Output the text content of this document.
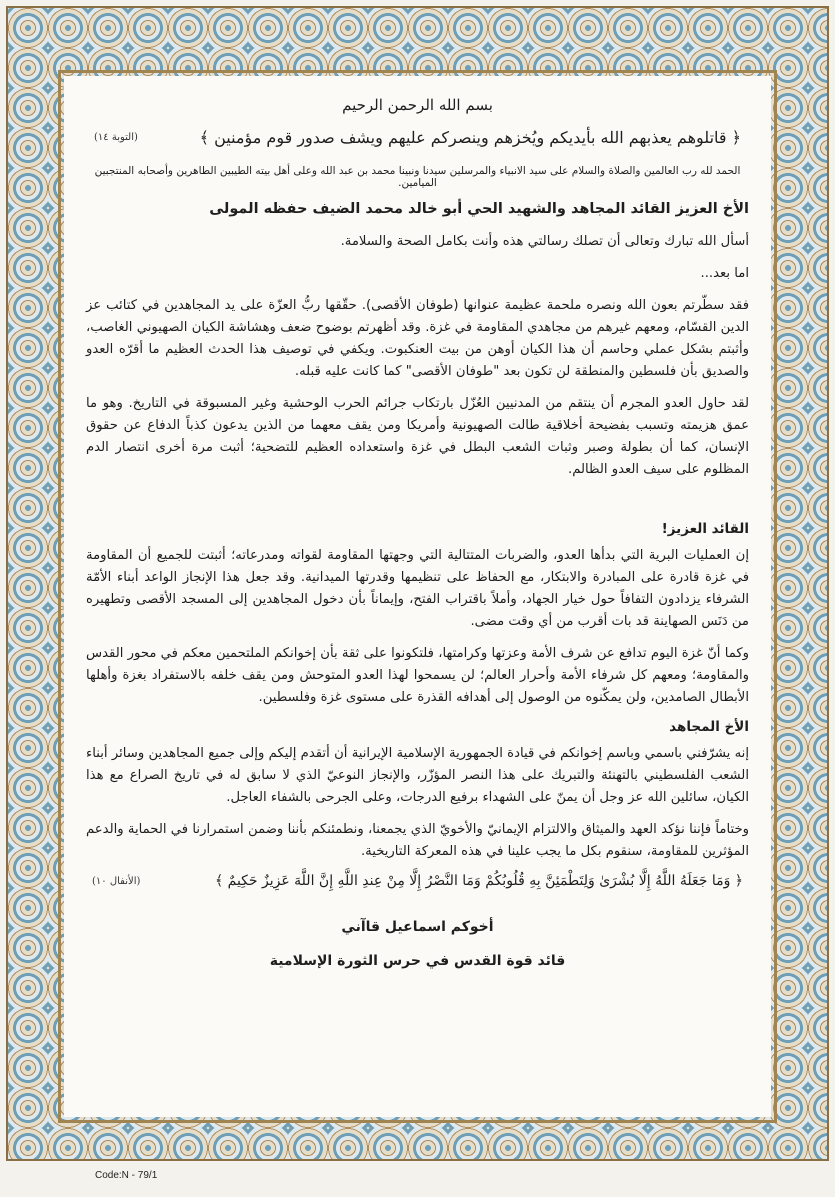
بسم الله الرحمن الرحيم
﴿ قاتلوهم يعذبهم الله بأيديكم ويُخزهم وينصركم عليهم ويشف صدور قوم مؤمنين ﴾
(التوبة ١٤)
الحمد لله رب العالمين والصلاة والسلام على سيد الانبياء والمرسلين سيدنا ونبينا محمد بن عبد الله وعلى أهل بيته الطيبين الطاهرين وأصحابه المنتجبين الميامين.
الأخ العزيز القائد المجاهد والشهيد الحي أبو خالد محمد الضيف حفظه المولى

أسأل الله تبارك وتعالى أن تصلك رسالتي هذه وأنت بكامل الصحة والسلامة.

اما بعد...

فقد سطّرتم بعون الله ونصره ملحمة عظيمة عنوانها (طوفان الأقصى). حقّقها ربُّ العزّة على يد المجاهدين في كتائب عز الدين القسّام، ومعهم غيرهم من مجاهدي المقاومة في غزة. وقد أظهرتم بوضوح ضعف وهشاشة الكيان الصهيوني الغاصب، وأثبتم بشكل عملي وحاسم أن هذا الكيان أوهن من بيت العنكبوت. ويكفي في توصيف هذا الحدث العظيم ما أقرّه العدو والصديق بأن فلسطين والمنطقة لن تكون بعد "طوفان الأقصى" كما كانت عليه قبله.

لقد حاول العدو المجرم أن ينتقم من المدنيين العُزّل بارتكاب جرائم الحرب الوحشية وغير المسبوقة في التاريخ. وهو ما عمق هزيمته وتسبب بفضيحة أخلاقية طالت الصهيونية وأمريكا ومن يقف معهما من الذين يدعون كذباً الدفاع عن حقوق الإنسان، كما أن بطولة وصبر وثبات الشعب البطل في غزة واستعداده العظيم للتضحية؛ أثبت مرة أخرى انتصار الدم المظلوم على سيف العدو الظالم.

القائد العزيز!

إن العمليات البرية التي بدأها العدو، والضربات المتتالية التي وجهتها المقاومة لقواته ومدرعاته؛ أثبتت للجميع أن المقاومة في غزة قادرة على المبادرة والابتكار، مع الحفاظ على تنظيمها وقدرتها الميدانية. وقد جعل هذا الإنجاز الواعد أبناء الأمّة الشرفاء يزدادون التفافاً حول خيار الجهاد، وأملاً باقتراب الفتح، وإيماناً بأن دخول المجاهدين إلى المسجد الأقصى وتطهيره من دَنَس الصهاينة قد بات أقرب من أي وقت مضى.

وكما أنّ غزة اليوم تدافع عن شرف الأمة وعزتها وكرامتها، فلتكونوا على ثقة بأن إخوانكم الملتحمين معكم في محور القدس والمقاومة؛ ومعهم كل شرفاء الأمة وأحرار العالم؛ لن يسمحوا لهذا العدو المتوحش ومن يقف خلفه بالاستفراد بغزة وأهلها الأبطال الصامدين، ولن يمكّنوه من الوصول إلى أهدافه القذرة على مستوى غزة وفلسطين.

الأخ المجاهد

إنه يشرّفني باسمي وباسم إخوانكم في قيادة الجمهورية الإسلامية الإيرانية أن أتقدم إليكم وإلى جميع المجاهدين وسائر أبناء الشعب الفلسطيني بالتهنئة والتبريك على هذا النصر المؤزّر، والإنجاز النوعيّ الذي لا سابق له في تاريخ الصراع مع هذا الكيان، سائلين الله عز وجل أن يمنّ على الشهداء برفيع الدرجات، وعلى الجرحى بالشفاء العاجل.

وختاماً فإننا نؤكد العهد والميثاق والالتزام الإيمانيّ والأخويّ الذي يجمعنا، ونطمئنكم بأننا وضمن استمرارنا في الحماية والدعم المؤثرين للمقاومة، سنقوم بكل ما يجب علينا في هذه المعركة التاريخية.

﴿ وَمَا جَعَلَهُ اللَّهُ إِلَّا بُشْرَىٰ وَلِتَطْمَئِنَّ بِهِ قُلُوبُكُمْ وَمَا النَّصْرُ إِلَّا مِنْ عِندِ اللَّهِ إِنَّ اللَّهَ عَزِيزٌ حَكِيمٌ ﴾
(الأنفال ١٠)
أخوكم اسماعيل قاآني
قائد قوة القدس في حرس الثورة الإسلامية
Code:N - 79/1
